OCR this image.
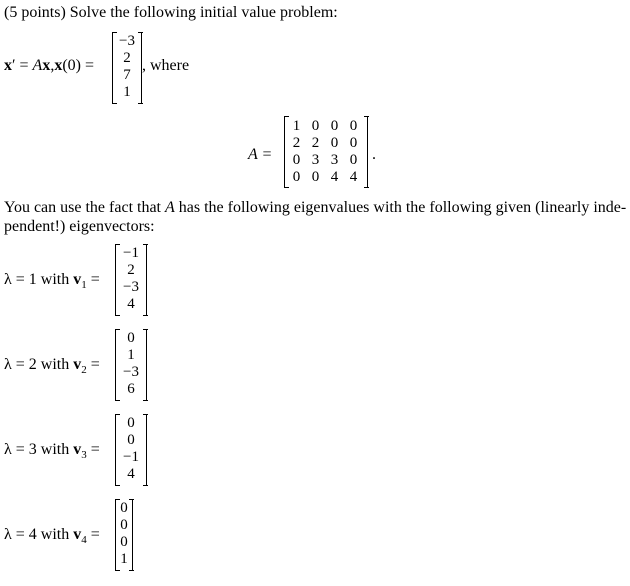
(5 points) Solve the following initial value problem:
x′ = Ax,x(0) =
−3
2
7
1
, where
A =
1	0	0	0
2	2	0	0
0	3	3	0
0	0	4	4
.
You can use the fact that A has the following eigenvalues with the following given (linearly inde-
pendent!) eigenvectors:
λ = 1 with $v_1$ =
−1
2
−3
4
λ = 2 with $v_2$ =
0
1
−3
6
λ = 3 with $v_3$ =
0
0
−1
4
λ = 4 with $v_4$ =
0
0
0
1
